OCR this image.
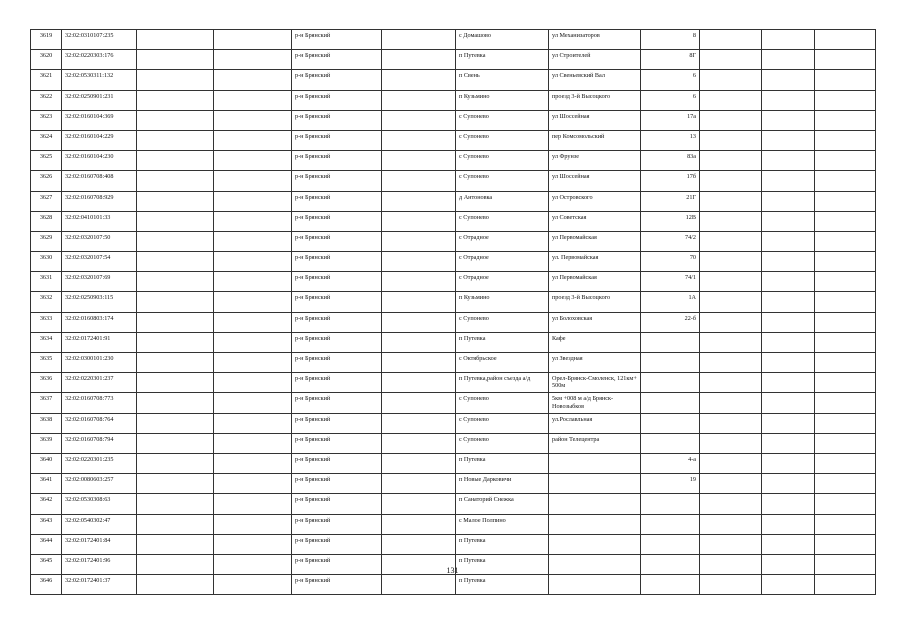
3619	32:02:0310107:235			р-н Брянский		с Домашово	ул Механизаторов	8			
3620	32:02:0220303:176			р-н Брянский		п Путевка	ул Строителей	8Г			
3621	32:02:0530311:132			р-н Брянский		п Свень	ул Свеньевский Вал	6			
3622	32:02:0250901:231			р-н Брянский		п Кузьмино	проезд 3-й Высоцкого	6			
3623	32:02:0160104:369			р-н Брянский		с Супонево	ул Шоссейная	17а			
3624	32:02:0160104:229			р-н Брянский		с Супонево	пер Комсомольский	13			
3625	32:02:0160104:230			р-н Брянский		с Супонево	ул Фрунзе	83а			
3626	32:02:0160708:408			р-н Брянский		с Супонево	ул Шоссейная	17б			
3627	32:02:0160708:929			р-н Брянский		д Антоновка	ул Островского	21Г			
3628	32:02:0410101:33			р-н Брянский		с Супонево	ул Советская	12В			
3629	32:02:0320107:50			р-н Брянский		с Отрадное	ул Первомайская	74/2			
3630	32:02:0320107:54			р-н Брянский		с Отрадное	ул. Первомайская	70			
3631	32:02:0320107:69			р-н Брянский		с Отрадное	ул Первомайская	74/1			
3632	32:02:0250903:115			р-н Брянский		п Кузьмино	проезд 3-й Высоцкого	1А			
3633	32:02:0160803:174			р-н Брянский		с Супонево	ул Болоховская	22-б			
3634	32:02:0172401:91			р-н Брянский		п Путевка	Кафе				
3635	32:02:0300101:230			р-н Брянский		с Октябрьское	ул Звездная				
3636	32:02:0220301:237			р-н Брянский		п Путевка,район съезда а/д	Орел-Брянск-Смоленск, 121км+ 500м				
3637	32:02:0160708:773			р-н Брянский		с Супонево	5км +008 м а/д Брянск-Новозыбков				
3638	32:02:0160708:764			р-н Брянский		с Супонево	ул.Рославльная				
3639	32:02:0160708:794			р-н Брянский		с Супонево	район Телецентра				
3640	32:02:0220301:235			р-н Брянский		п Путевка		4-а			
3641	32:02:0080603:257			р-н Брянский		п Новые Дарковичи		19			
3642	32:02:0530308:63			р-н Брянский		п Санаторий Снежка					
3643	32:02:0540302:47			р-н Брянский		с Малое Полпино					
3644	32:02:0172401:84			р-н Брянский		п Путевка					
3645	32:02:0172401:96			р-н Брянский		п Путевка					
3646	32:02:0172401:37			р-н Брянский		п Путевка					
131
